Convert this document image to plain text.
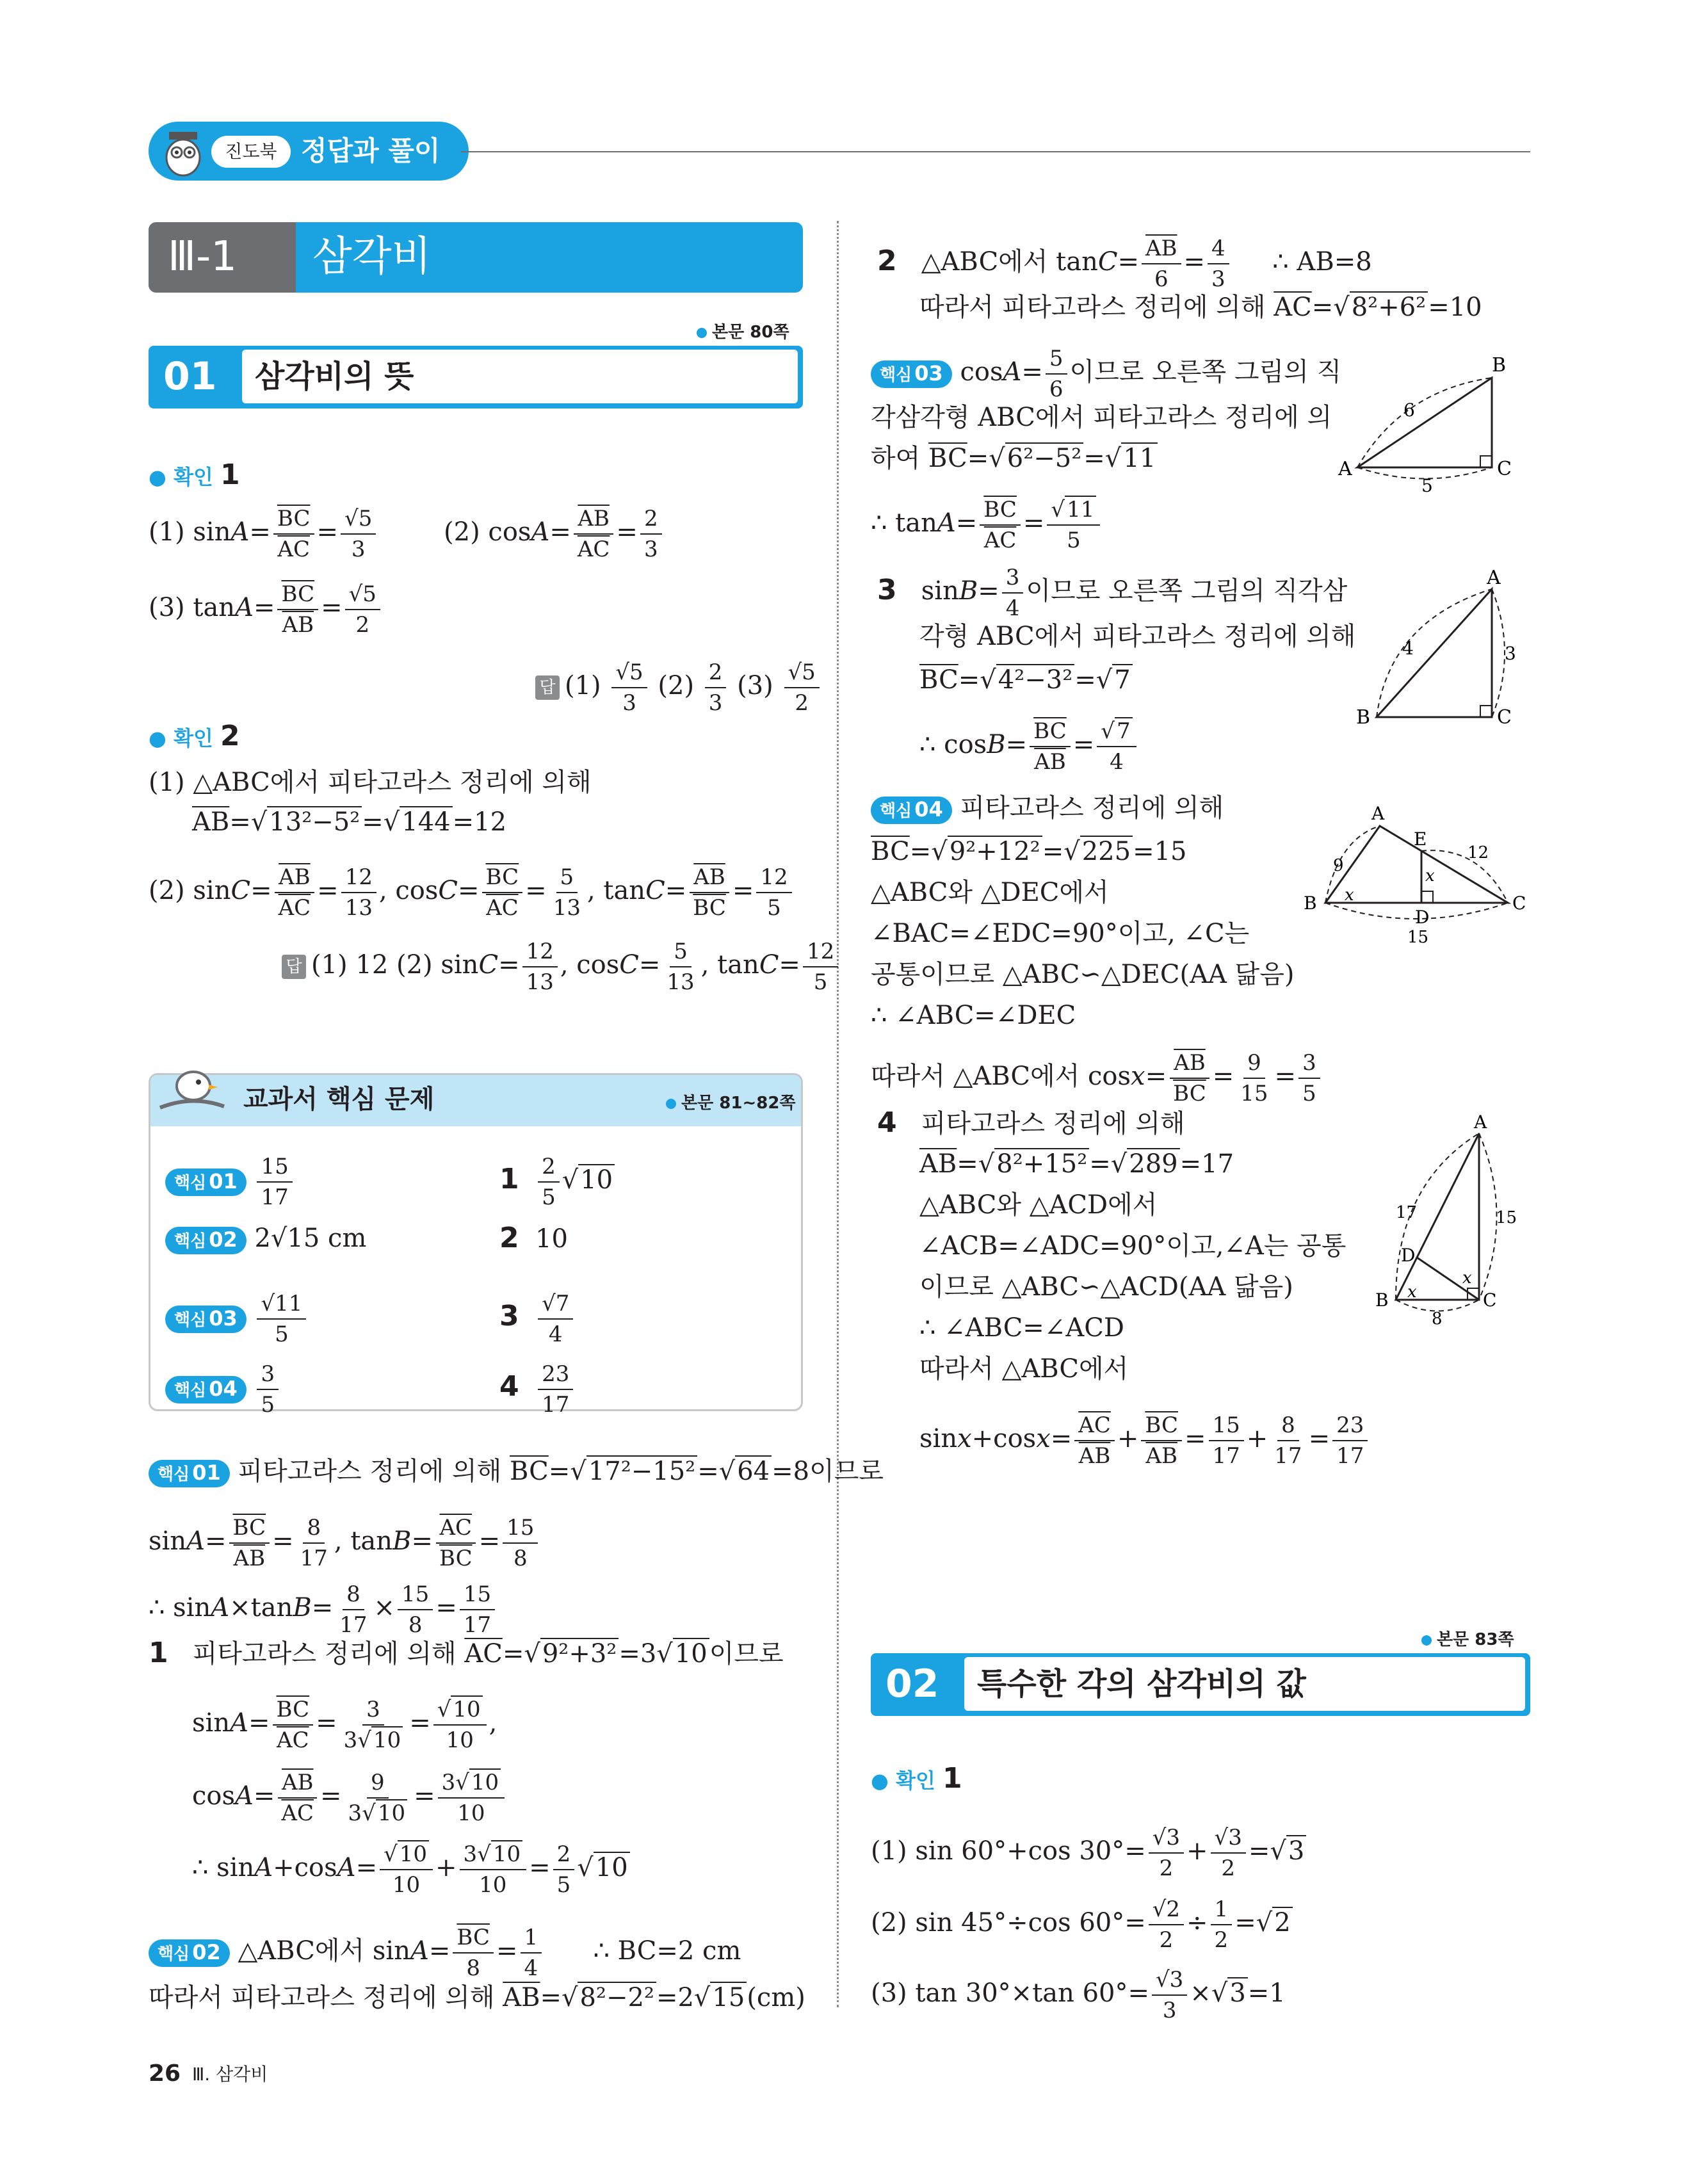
진도북 정답과 풀이
Ⅲ-1 삼각비
본문 80쪽
01 삼각비의 뜻
● 확인 1
(1) $\sin A= \frac{\overline{BC}}{AC} = \frac{√5}{3} (2)$ $\cos A= \frac{\overline{AB}}{AC} = \frac{2}{3}$
(3) $\tan A= \frac{\overline{BC}}{AB} = \frac{√5}{2}$
답 $(1) \frac{√5}{3} (2) \frac{2}{3} (3) \frac{√5}{2}$
● 확인 2
(1) △ABC에서 피타고라스 정리에 의해
$\overline{AB}=√13^2-5^2=√144=12$
(2) $\sin C= \frac{\overline{AB}}{AC} = \frac{12}{13}$ , $\cos C= \frac{\overline{BC}}{AC} = \frac{5}{13}$ , $\tan C= \frac{\overline{AB}}{BC} = \frac{12}{5}$
답 (1) 12 (2) $\sin C= \frac{12}{13}$ , $\cos C= \frac{5}{13}$ , $\tan C= \frac{12}{5}$
교과서 핵심 문제	본문 81~82쪽
핵심 $01 \frac{15}{17}$	$1 \frac{2}{5} √10$
핵심 02 2√15 cm	2 10
핵심 $03 \frac{√11}{5}$	$3 \frac{√7}{4}$
핵심 $04 \frac{3}{5}$	$4 \frac{23}{17}$
핵심 01 피타고라스 정리에 의해 $\overline{BC}=√17^2-15^2=√64=8$이므로
$\sin A= \frac{\overline{BC}}{AB} = \frac{8}{17}$ , $\tan B= \frac{\overline{AC}}{BC} = \frac{15}{8}$
∴ $\sin A\times\tan B= \frac{8}{17} \times \frac{15}{8} = \frac{15}{17}$
1 피타고라스 정리에 의해 $\overline{AC}=√9^2+3^2=3√10$이므로
$\sin A= \frac{\overline{BC}}{AC} = \frac{3}{3√10} = \frac{√10}{10}$ ,
$\cos A= \frac{\overline{AB}}{AC} = \frac{9}{3√10} = \frac{3√10}{10}$
∴ $\sin A+\cos A= \frac{√10}{10} + \frac{3√10}{10} = \frac{2}{5} √10$
핵심 02 △ABC에서 $\sin A= \frac{\overline{BC}}{8} = \frac{1}{4}$ ∴ BC=2 cm
따라서 피타고라스 정리에 의해 $\overline{AB}=√8^2-2^2=2√15(cm)$
2 △ABC에서 $\tan C= \frac{\overline{AB}}{6} = \frac{4}{3}$ ∴ AB=8
따라서 피타고라스 정리에 의해 $\overline{AC}=√8^2+6^2=10$
핵심 03 $\cos A= \frac{5}{6}$ 이므로 오른쪽 그림의 직
각삼각형 ABC에서 피타고라스 정리에 의
하여 $\overline{BC}=√6^2-5^2=√11$
∴ $\tan A= \frac{\overline{BC}}{AC} = \frac{√11}{5}$
B
A	C
6
5
3   $\sin B= \frac{3}{4}$ 이므로 오른쪽 그림의 직각삼
각형 ABC에서 피타고라스 정리에 의해
$\overline{BC}=√4^2-3^2=√7$
∴ $\cos B= \frac{\overline{BC}}{AB} = \frac{√7}{4}$
A
B	C
4	3
핵심 04 피타고라스 정리에 의해
$\overline{BC}=√9^2+12^2=√225=15$
△ABC와 △DEC에서
∠BAC=∠EDC=90°이고, ∠C는
공통이므로 △ABC∽△DEC(AA 닮음)
∴ ∠ABC=∠DEC
따라서 △ABC에서 $\cos x= \frac{\overline{AB}}{BC} = \frac{9}{15} = \frac{3}{5}$
A
B	C
E
D
9
12
15
x
x
4 피타고라스 정리에 의해
$\overline{AB}=√8^2+15^2=√289=17$
△ABC와 △ACD에서
∠ACB=∠ADC=90°이고,∠A는 공통
이므로 △ABC∽△ACD(AA 닮음)
∴ ∠ABC=∠ACD
따라서 △ABC에서
$\sin x+\cos x= \frac{\overline{AC}}{AB} + \frac{\overline{BC}}{AB} = \frac{15}{17} + \frac{8}{17} = \frac{23}{17}$
A
B	C
D
17	15
8
x
x
본문 83쪽
02 특수한 각의 삼각비의 값
● 확인 1
(1) sin 60°+cos $30^\circ= \frac{√3}{2} + \frac{√3}{2} =√3$
(2) sin 45°÷cos $60^\circ= \frac{√2}{2} \div \frac{1}{2} =√2$
(3) tan 30°×tan $60^\circ= \frac{√3}{3} \times√3=1$
26 Ⅲ. 삼각비
